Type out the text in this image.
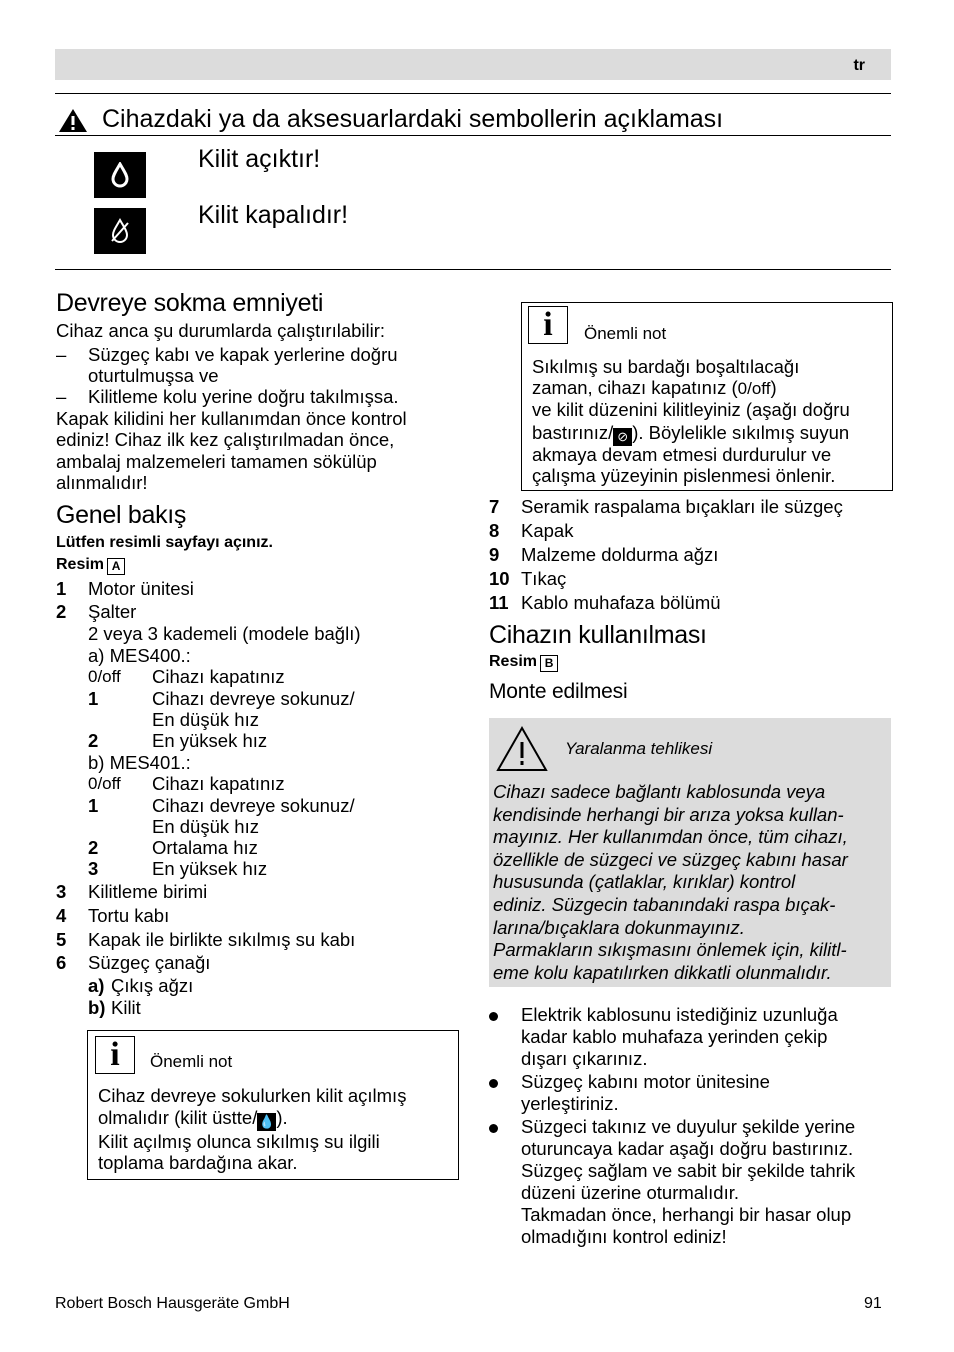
tr
Cihazdaki ya da aksesuarlardaki sembollerin açıklaması
Kilit açıktır!
Kilit kapalıdır!
Devreye sokma emniyeti
Cihaz anca şu durumlarda çalıştırılabilir:
– Süzgeç kabı ve kapak yerlerine doğru
oturtulmuşsa ve
– Kilitleme kolu yerine doğru takılmışsa.
Kapak kilidini her kullanımdan önce kontrol
ediniz! Cihaz ilk kez çalıştırılmadan önce,
ambalaj malzemeleri tamamen sökülüp
alınmalıdır!
Genel bakış
Lütfen resimli sayfayı açınız.
Resim A
1 Motor ünitesi
2 Şalter
2 veya 3 kademeli (modele bağlı)
a) MES400.:
0/off Cihazı kapatınız
1	Cihazı devreye sokunuz/
En düşük hız
2	En yüksek hız
b) MES401.:
0/off Cihazı kapatınız
1	Cihazı devreye sokunuz/
En düşük hız
2	Ortalama hız
3	En yüksek hız
3 Kilitleme birimi
4 Tortu kabı
5 Kapak ile birlikte sıkılmış su kabı
6 Süzgeç çanağı
a) Çıkış ağzı
b) Kilit
i	Önemli not
Cihaz devreye sokulurken kilit açılmış
olmalıdır (kilit üstte/💧).
Kilit açılmış olunca sıkılmış su ilgili
toplama bardağına akar.
i	Önemli not
Sıkılmış su bardağı boşaltılacağı
zaman, cihazı kapatınız (0/off)
ve kilit düzenini kilitleyiniz (aşağı doğru
bastırınız/ ⊘ ). Böylelikle sıkılmış suyun
akmaya devam etmesi durdurulur ve
çalışma yüzeyinin pislenmesi önlenir.
7 Seramik raspalama bıçakları ile süzgeç
8 Kapak
9 Malzeme doldurma ağzı
10 Tıkaç
11 Kablo muhafaza bölümü
Cihazın kullanılması
Resim B
Monte edilmesi
Yaralanma tehlikesi
Cihazı sadece bağlantı kablosunda veya
kendisinde herhangi bir arıza yoksa kullan-
mayınız. Her kullanımdan önce, tüm cihazı,
özellikle de süzgeci ve süzgeç kabını hasar
hususunda (çatlaklar, kırıklar) kontrol
ediniz. Süzgecin tabanındaki raspa bıçak-
larına/bıçaklara dokunmayınız.
Parmakların sıkışmasını önlemek için, kilitl-
eme kolu kapatılırken dikkatli olunmalıdır.
Elektrik kablosunu istediğiniz uzunluğa
kadar kablo muhafaza yerinden çekip
dışarı çıkarınız.
Süzgeç kabını motor ünitesine
yerleştiriniz.
Süzgeci takınız ve duyulur şekilde yerine
oturuncaya kadar aşağı doğru bastırınız.
Süzgeç sağlam ve sabit bir şekilde tahrik
düzeni üzerine oturmalıdır.
Takmadan önce, herhangi bir hasar olup
olmadığını kontrol ediniz!
Robert Bosch Hausgeräte GmbH	91
